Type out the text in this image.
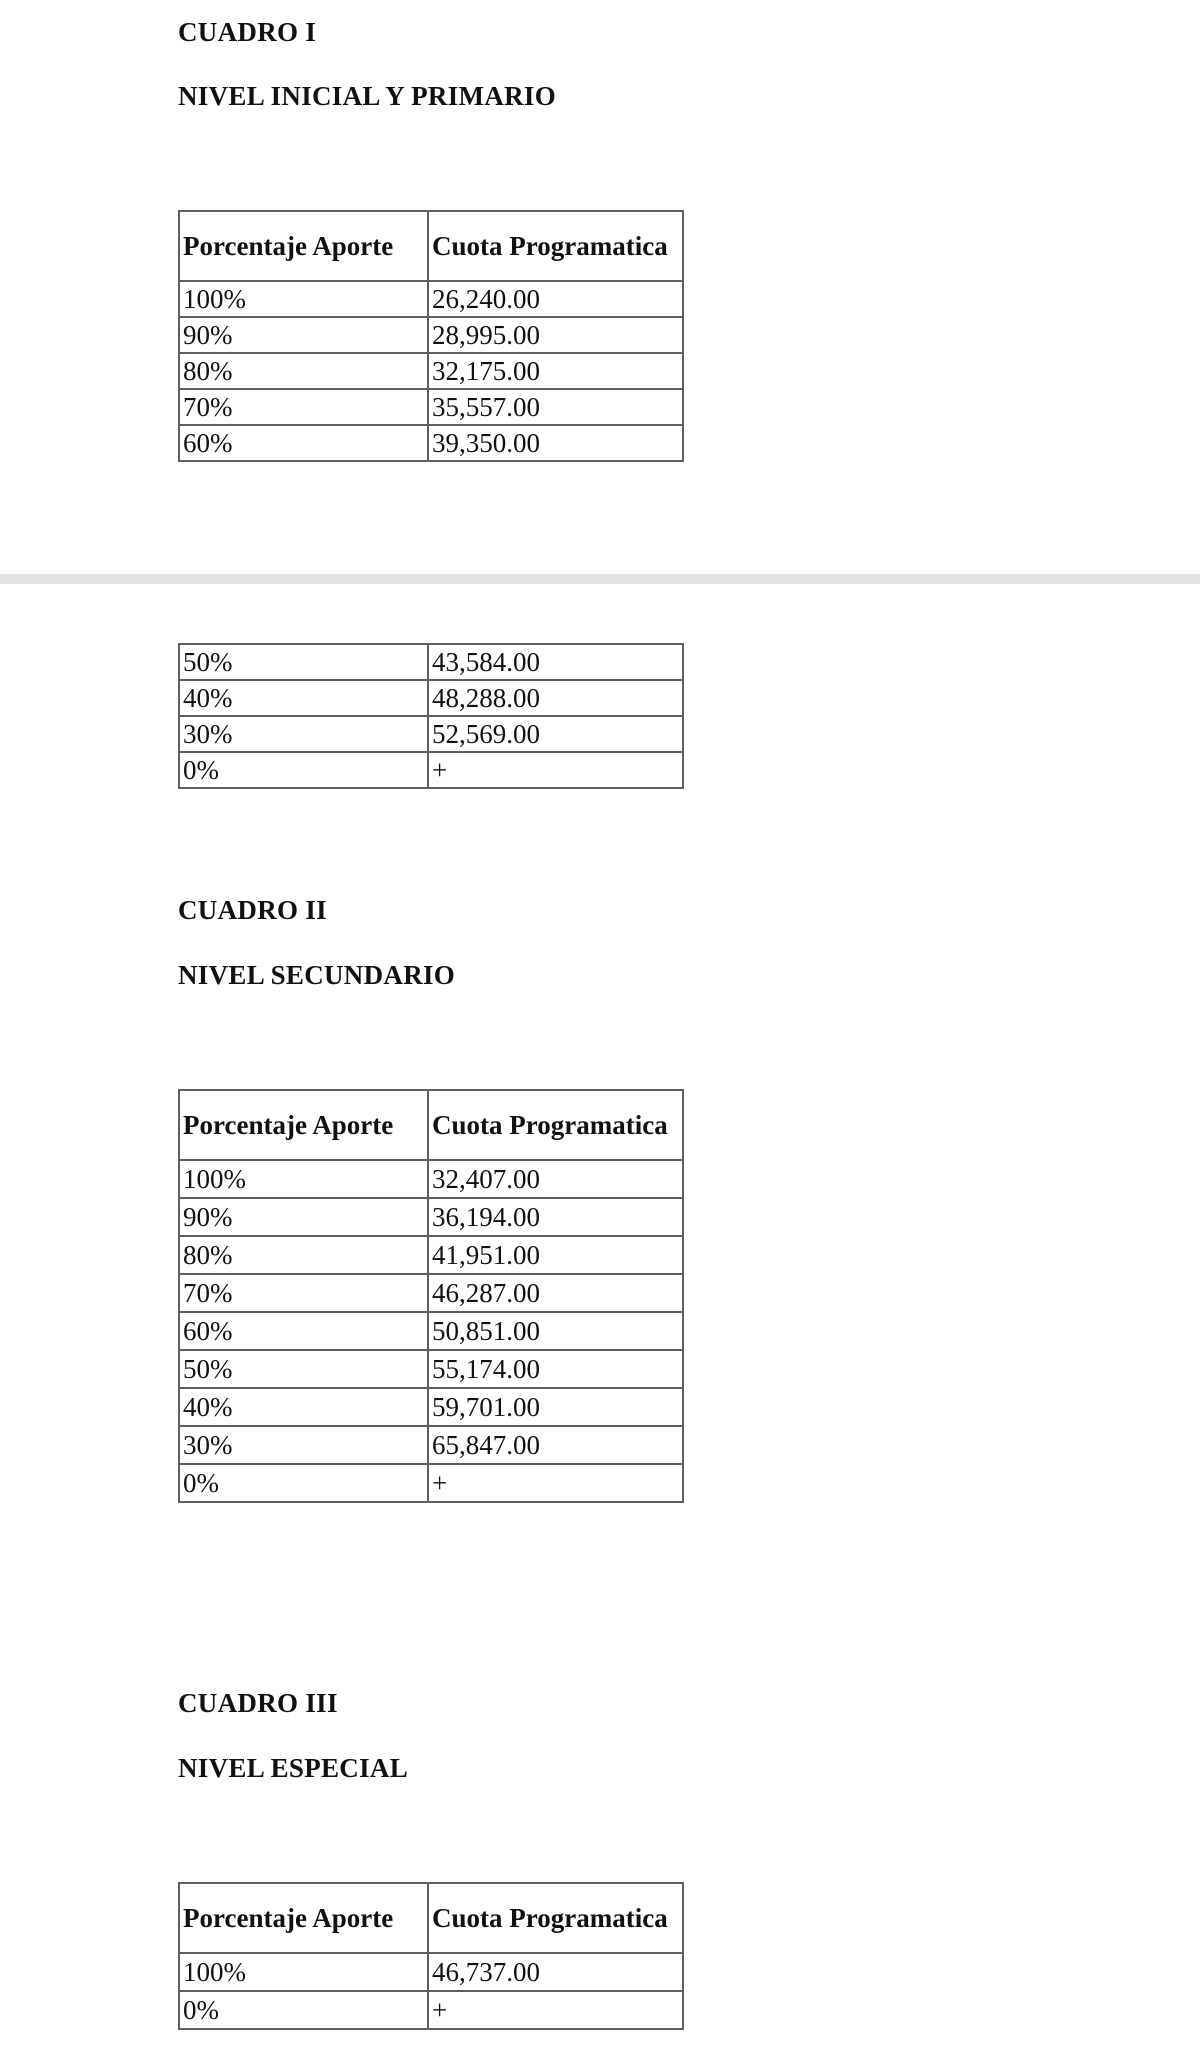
CUADRO I
NIVEL INICIAL Y PRIMARIO
Porcentaje Aporte	Cuota Programatica
100%	26,240.00
90%	28,995.00
80%	32,175.00
70%	35,557.00
60%	39,350.00
50%	43,584.00
40%	48,288.00
30%	52,569.00
0%	+
CUADRO II
NIVEL SECUNDARIO
Porcentaje Aporte	Cuota Programatica
100%	32,407.00
90%	36,194.00
80%	41,951.00
70%	46,287.00
60%	50,851.00
50%	55,174.00
40%	59,701.00
30%	65,847.00
0%	+
CUADRO III
NIVEL ESPECIAL
Porcentaje Aporte	Cuota Programatica
100%	46,737.00
0%	+
